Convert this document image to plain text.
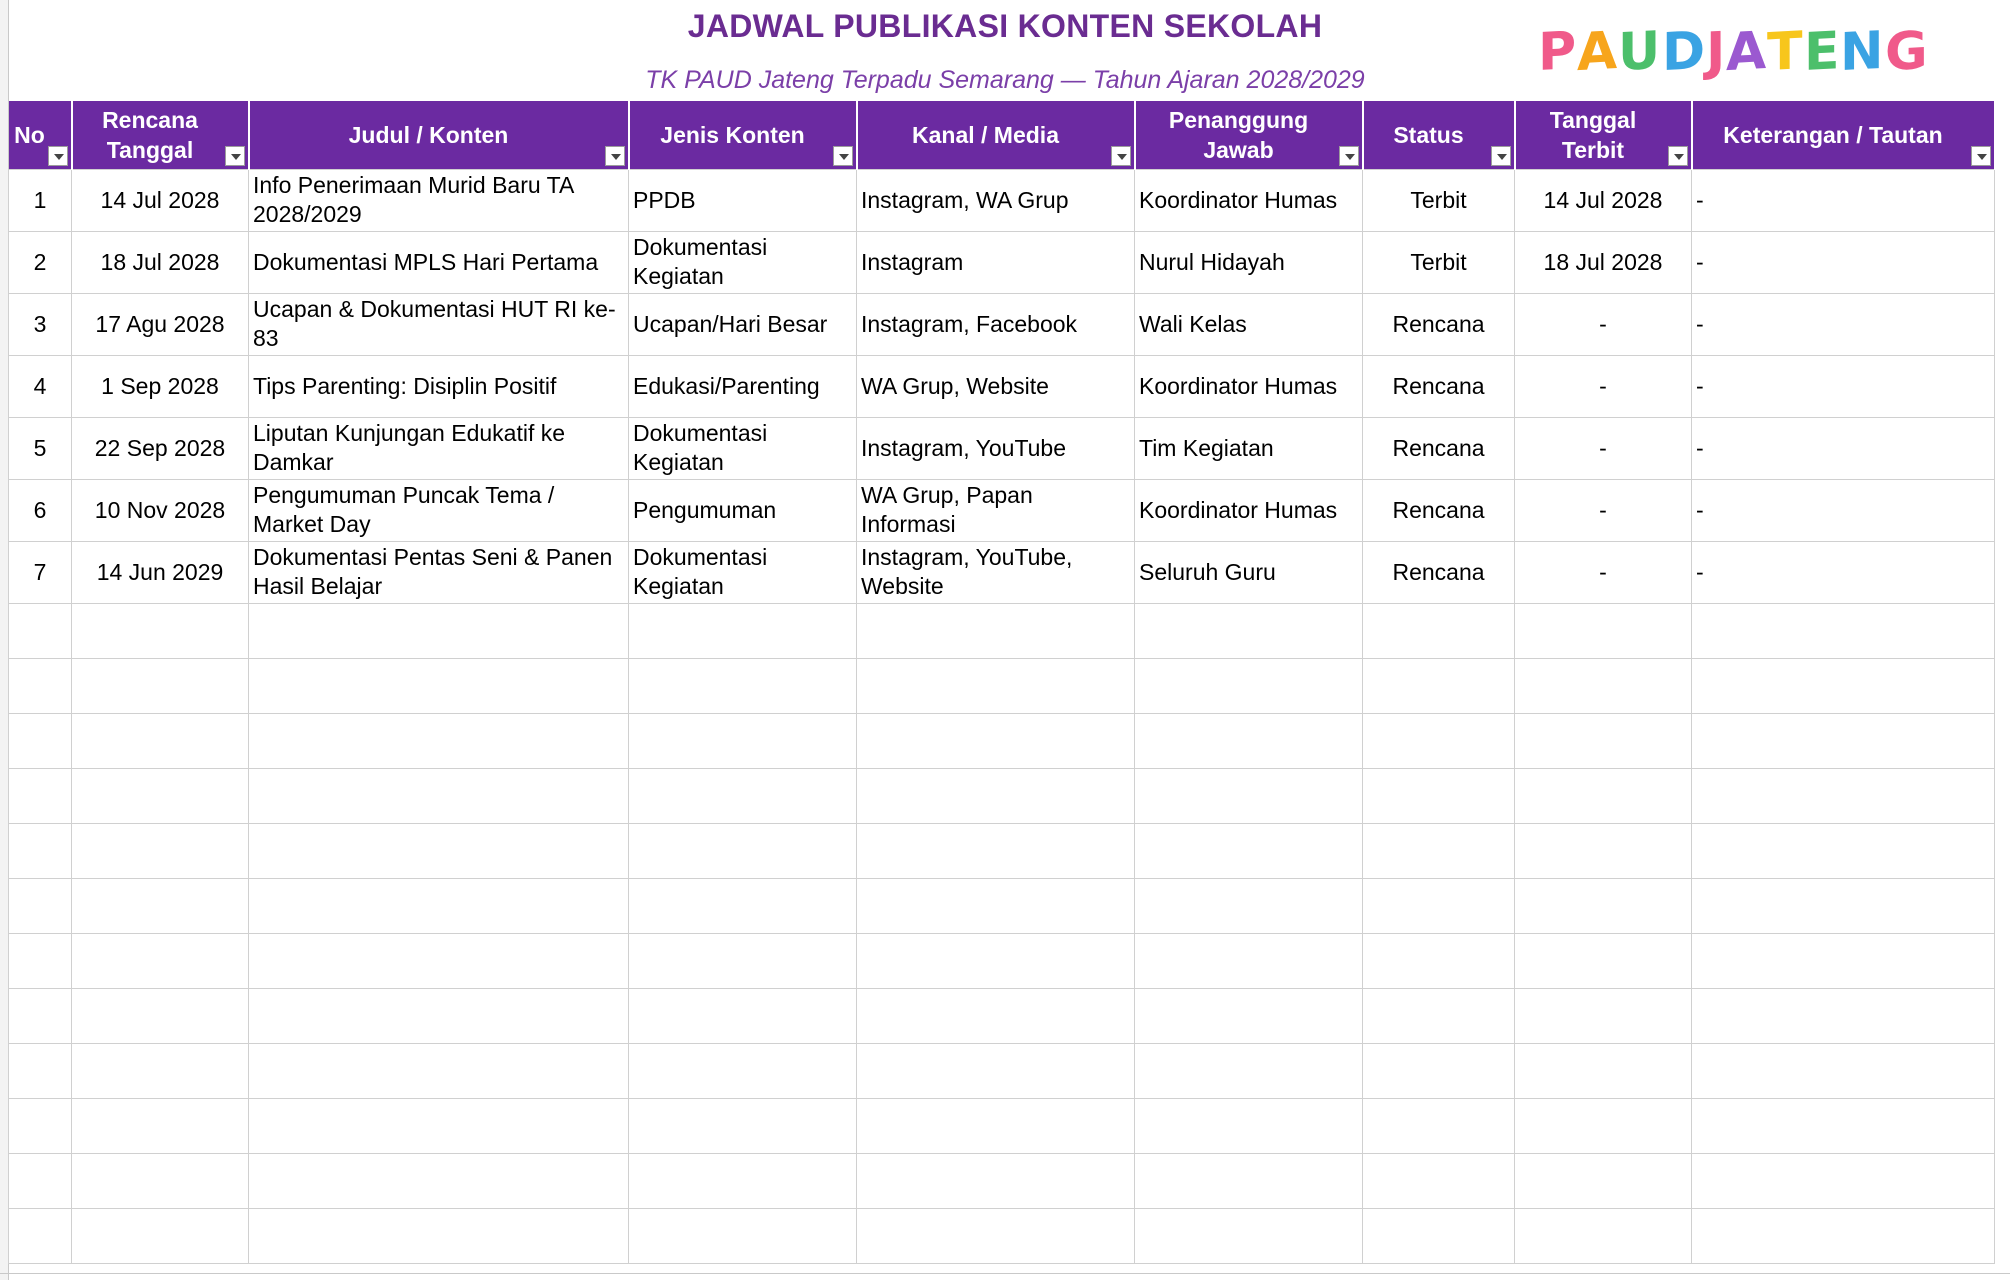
JADWAL PUBLIKASI KONTEN SEKOLAH
TK PAUD Jateng Terpadu Semarang — Tahun Ajaran 2028/2029	PAUDJATENG
No	Rencana Tanggal	Judul / Konten	Jenis Konten	Kanal / Media	Penanggung Jawab	Status	Tanggal Terbit	Keterangan / Tautan

1	14 Jul 2028	Info Penerimaan Murid Baru TA 2028/2029	PPDB	Instagram, WA Grup	Koordinator Humas	Terbit	14 Jul 2028	-
2	18 Jul 2028	Dokumentasi MPLS Hari Pertama	Dokumentasi Kegiatan	Instagram	Nurul Hidayah	Terbit	18 Jul 2028	-
3	17 Agu 2028	Ucapan & Dokumentasi HUT RI ke-83	Ucapan/Hari Besar	Instagram, Facebook	Wali Kelas	Rencana	-	-
4	1 Sep 2028	Tips Parenting: Disiplin Positif	Edukasi/Parenting	WA Grup, Website	Koordinator Humas	Rencana	-	-
5	22 Sep 2028	Liputan Kunjungan Edukatif ke Damkar	Dokumentasi Kegiatan	Instagram, YouTube	Tim Kegiatan	Rencana	-	-
6	10 Nov 2028	Pengumuman Puncak Tema / Market Day	Pengumuman	WA Grup, Papan Informasi	Koordinator Humas	Rencana	-	-
7	14 Jun 2029	Dokumentasi Pentas Seni & Panen Hasil Belajar	Dokumentasi Kegiatan	Instagram, YouTube, Website	Seluruh Guru	Rencana	-	-
